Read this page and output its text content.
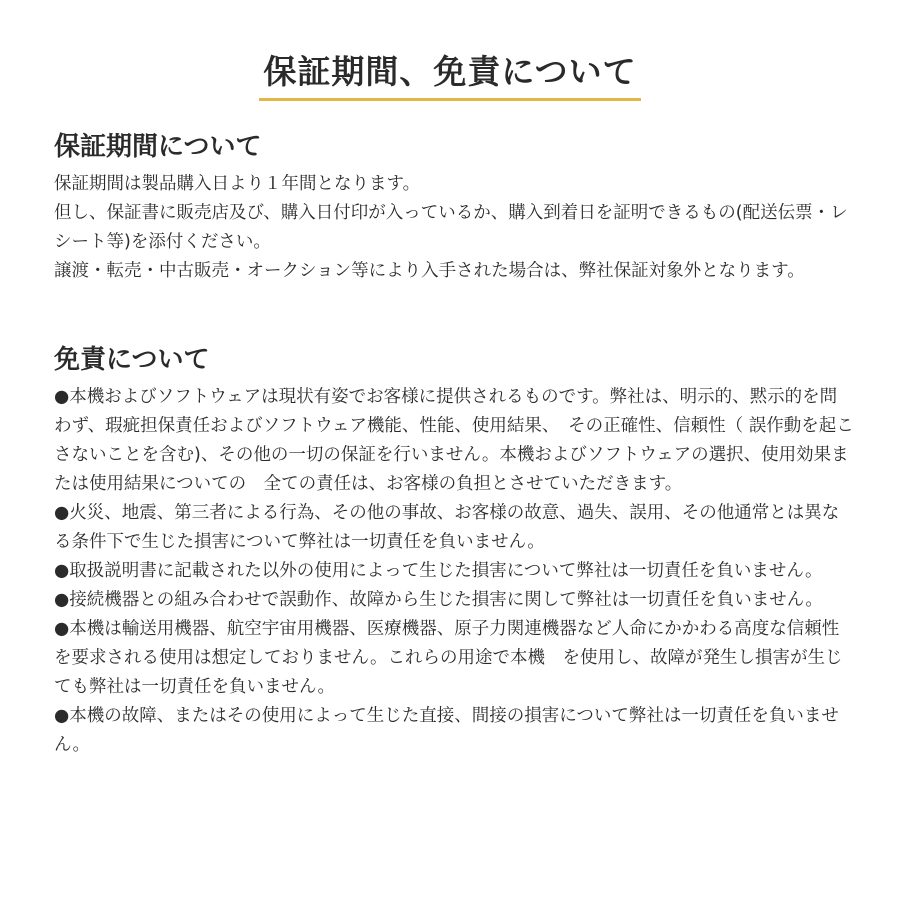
保証期間、免責について
保証期間について

保証期間は製品購入日より１年間となります。

但し、保証書に販売店及び、購入日付印が入っているか、購入到着日を証明できるもの(配送伝票・レシート等)を添付ください。

譲渡・転売・中古販売・オークション等により入手された場合は、弊社保証対象外となります。

免責について

●本機およびソフトウェアは現状有姿でお客様に提供されるものです。弊社は、明示的、黙示的を問わず、瑕疵担保責任およびソフトウェア機能、性能、使用結果、　その正確性、信頼性（ 誤作動を起こさないことを含む)、その他の一切の保証を行いません。本機およびソフトウェアの選択、使用効果または使用結果についての　全ての責任は、お客様の負担とさせていただきます。

●火災、地震、第三者による行為、その他の事故、お客様の故意、過失、誤用、その他通常とは異なる条件下で生じた損害について弊社は一切責任を負いません。

●取扱説明書に記載された以外の使用によって生じた損害について弊社は一切責任を負いません。

●接続機器との組み合わせで誤動作、故障から生じた損害に関して弊社は一切責任を負いません。

●本機は輸送用機器、航空宇宙用機器、医療機器、原子力関連機器など人命にかかわる高度な信頼性を要求される使用は想定しておりません。これらの用途で本機　を使用し、故障が発生し損害が生じても弊社は一切責任を負いません。

●本機の故障、またはその使用によって生じた直接、間接の損害について弊社は一切責任を負いません。
